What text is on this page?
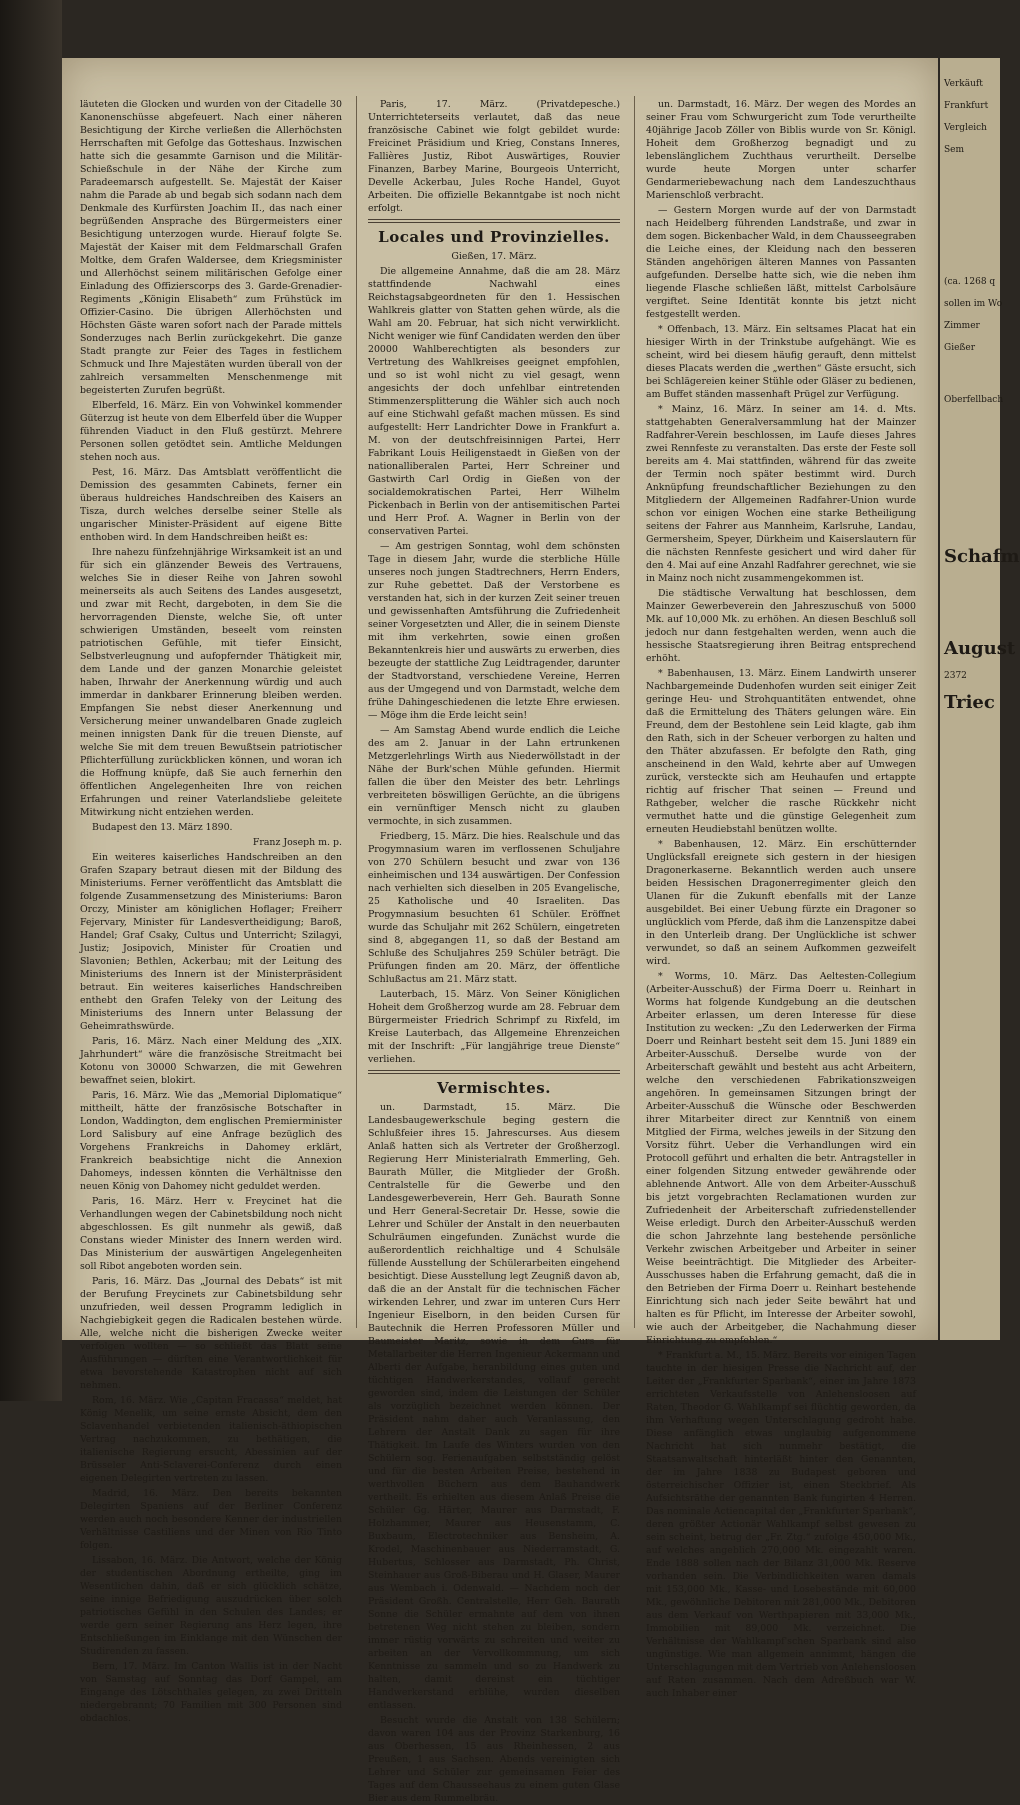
läuteten die Glocken und wurden von der Citadelle 30 Kanonenschüsse abgefeuert. Nach einer näheren Besichtigung der Kirche verließen die Allerhöchsten Herrschaften mit Gefolge das Gotteshaus. Inzwischen hatte sich die gesammte Garnison und die Militär-Schießschule in der Nähe der Kirche zum Paradeemarsch aufgestellt. Se. Majestät der Kaiser nahm die Parade ab und begab sich sodann nach dem Denkmale des Kurfürsten Joachim II., das nach einer begrüßenden Ansprache des Bürgermeisters einer Besichtigung unterzogen wurde. Hierauf folgte Se. Majestät der Kaiser mit dem Feldmarschall Grafen Moltke, dem Grafen Waldersee, dem Kriegsminister und Allerhöchst seinem militärischen Gefolge einer Einladung des Offizierscorps des 3. Garde-Grenadier-Regiments „Königin Elisabeth“ zum Frühstück im Offizier-Casino. Die übrigen Allerhöchsten und Höchsten Gäste waren sofort nach der Parade mittels Sonderzuges nach Berlin zurückgekehrt. Die ganze Stadt prangte zur Feier des Tages in festlichem Schmuck und Ihre Majestäten wurden überall von der zahlreich versammelten Menschenmenge mit begeisterten Zurufen begrüßt.

Elberfeld, 16. März. Ein von Vohwinkel kommender Güterzug ist heute von dem Elberfeld über die Wupper führenden Viaduct in den Fluß gestürzt. Mehrere Personen sollen getödtet sein. Amtliche Meldungen stehen noch aus.

Pest, 16. März. Das Amtsblatt veröffentlicht die Demission des gesammten Cabinets, ferner ein überaus huldreiches Handschreiben des Kaisers an Tisza, durch welches derselbe seiner Stelle als ungarischer Minister-Präsident auf eigene Bitte enthoben wird. In dem Handschreiben heißt es:

Ihre nahezu fünfzehnjährige Wirksamkeit ist an und für sich ein glänzender Beweis des Vertrauens, welches Sie in dieser Reihe von Jahren sowohl meinerseits als auch Seitens des Landes ausgesetzt, und zwar mit Recht, dargeboten, in dem Sie die hervorragenden Dienste, welche Sie, oft unter schwierigen Umständen, beseelt vom reinsten patriotischen Gefühle, mit tiefer Einsicht, Selbstverleugnung und aufopfernder Thätigkeit mir, dem Lande und der ganzen Monarchie geleistet haben, Ihrwahr der Anerkennung würdig und auch immerdar in dankbarer Erinnerung bleiben werden. Empfangen Sie nebst dieser Anerkennung und Versicherung meiner unwandelbaren Gnade zugleich meinen innigsten Dank für die treuen Dienste, auf welche Sie mit dem treuen Bewußtsein patriotischer Pflichterfüllung zurückblicken können, und woran ich die Hoffnung knüpfe, daß Sie auch fernerhin den öffentlichen Angelegenheiten Ihre von reichen Erfahrungen und reiner Vaterlandsliebe geleitete Mitwirkung nicht entziehen werden.

Budapest den 13. März 1890.

Franz Joseph m. p.

Ein weiteres kaiserliches Handschreiben an den Grafen Szapary betraut diesen mit der Bildung des Ministeriums. Ferner veröffentlicht das Amtsblatt die folgende Zusammensetzung des Ministeriums: Baron Orczy, Minister am königlichen Hoflager; Freiherr Fejervary, Minister für Landesvertheidigung; Baroß, Handel; Graf Csaky, Cultus und Unterricht; Szilagyi, Justiz; Josipovich, Minister für Croatien und Slavonien; Bethlen, Ackerbau; mit der Leitung des Ministeriums des Innern ist der Ministerpräsident betraut. Ein weiteres kaiserliches Handschreiben enthebt den Grafen Teleky von der Leitung des Ministeriums des Innern unter Belassung der Geheimrathswürde.

Paris, 16. März. Nach einer Meldung des „XIX. Jahrhundert“ wäre die französische Streitmacht bei Kotonu von 30000 Schwarzen, die mit Gewehren bewaffnet seien, blokirt.

Paris, 16. März. Wie das „Memorial Diplomatique“ mittheilt, hätte der französische Botschafter in London, Waddington, dem englischen Premierminister Lord Salisbury auf eine Anfrage bezüglich des Vorgehens Frankreichs in Dahomey erklärt, Frankreich beabsichtige nicht die Annexion Dahomeys, indessen könnten die Verhältnisse den neuen König von Dahomey nicht geduldet werden.

Paris, 16. März. Herr v. Freycinet hat die Verhandlungen wegen der Cabinetsbildung noch nicht abgeschlossen. Es gilt nunmehr als gewiß, daß Constans wieder Minister des Innern werden wird. Das Ministerium der auswärtigen Angelegenheiten soll Ribot angeboten worden sein.

Paris, 16. März. Das „Journal des Debats“ ist mit der Berufung Freycinets zur Cabinetsbildung sehr unzufrieden, weil dessen Programm lediglich in Nachgiebigkeit gegen die Radicalen bestehen würde. Alle, welche nicht die bisherigen Zwecke weiter verfolgen wollten — so schließt das Blatt seine Ausführungen — dürften eine Verantwortlichkeit für etwa bevorstehende Katastrophen nicht auf sich nehmen.

Rom, 16. März. Wie „Capitan Fracassa“ meldet, hat König Menelik, um seine ernste Absicht, dem den Sclavenhandel verbietenden italienisch-äthiopischen Vertrag nachzukommen, zu bethätigen, die italienische Regierung ersucht, Abessinien auf der Brüsseler Anti-Sclaverei-Conferenz durch einen eigenen Delegirten vertreten zu lassen.

Madrid, 16. März. Den bereits bekannten Delegirten Spaniens auf der Berliner Conferenz werden auch noch besondere Kenner der industriellen Verhältnisse Castiliens und der Minen von Rio Tinto folgen.

Lissabon, 16. März. Die Antwort, welche der König der studentischen Abordnung ertheilte, ging im Wesentlichen dahin, daß er sich glücklich schätze, seine innige Befriedigung auszudrücken über solch patriotisches Gefühl in den Schulen des Landes; er werde gern seiner Regierung ans Herz legen, ihre Entschließungen im Einklange mit den Wünschen der Studirenden zu fassen.

Bern, 17. März. Im Canton Wallis ist in der Nacht von Samstag auf Sonntag das Dorf Gampel, am Eingange des Lötschthales gelegen, zu zwei Dritteln niedergebrannt; 70 Familien mit 300 Personen sind obdachlos.

Paris, 17. März. (Privatdepesche.) Unterrichteterseits verlautet, daß das neue französische Cabinet wie folgt gebildet wurde: Freicinet Präsidium und Krieg, Constans Inneres, Fallières Justiz, Ribot Auswärtiges, Rouvier Finanzen, Barbey Marine, Bourgeois Unterricht, Develle Ackerbau, Jules Roche Handel, Guyot Arbeiten. Die offizielle Bekanntgabe ist noch nicht erfolgt.

Locales und Provinzielles.

Gießen, 17. März.

Die allgemeine Annahme, daß die am 28. März stattfindende Nachwahl eines Reichstagsabgeordneten für den 1. Hessischen Wahlkreis glatter von Statten gehen würde, als die Wahl am 20. Februar, hat sich nicht verwirklicht. Nicht weniger wie fünf Candidaten werden den über 20000 Wahlberechtigten als besonders zur Vertretung des Wahlkreises geeignet empfohlen, und so ist wohl nicht zu viel gesagt, wenn angesichts der doch unfehlbar eintretenden Stimmenzersplitterung die Wähler sich auch noch auf eine Stichwahl gefaßt machen müssen. Es sind aufgestellt: Herr Landrichter Dowe in Frankfurt a. M. von der deutschfreisinnigen Partei, Herr Fabrikant Louis Heiligenstaedt in Gießen von der nationalliberalen Partei, Herr Schreiner und Gastwirth Carl Ordig in Gießen von der socialdemokratischen Partei, Herr Wilhelm Pickenbach in Berlin von der antisemitischen Partei und Herr Prof. A. Wagner in Berlin von der conservativen Partei.

— Am gestrigen Sonntag, wohl dem schönsten Tage in diesem Jahr, wurde die sterbliche Hülle unseres noch jungen Stadtrechners, Herrn Enders, zur Ruhe gebettet. Daß der Verstorbene es verstanden hat, sich in der kurzen Zeit seiner treuen und gewissenhaften Amtsführung die Zufriedenheit seiner Vorgesetzten und Aller, die in seinem Dienste mit ihm verkehrten, sowie einen großen Bekanntenkreis hier und auswärts zu erwerben, dies bezeugte der stattliche Zug Leidtragender, darunter der Stadtvorstand, verschiedene Vereine, Herren aus der Umgegend und von Darmstadt, welche dem frühe Dahingeschiedenen die letzte Ehre erwiesen. — Möge ihm die Erde leicht sein!

— Am Samstag Abend wurde endlich die Leiche des am 2. Januar in der Lahn ertrunkenen Metzgerlehrlings Wirth aus Niederwöllstadt in der Nähe der Burk'schen Mühle gefunden. Hiermit fallen die über den Meister des betr. Lehrlings verbreiteten böswilligen Gerüchte, an die übrigens ein vernünftiger Mensch nicht zu glauben vermochte, in sich zusammen.

Friedberg, 15. März. Die hies. Realschule und das Progymnasium waren im verflossenen Schuljahre von 270 Schülern besucht und zwar von 136 einheimischen und 134 auswärtigen. Der Confession nach verhielten sich dieselben in 205 Evangelische, 25 Katholische und 40 Israeliten. Das Progymnasium besuchten 61 Schüler. Eröffnet wurde das Schuljahr mit 262 Schülern, eingetreten sind 8, abgegangen 11, so daß der Bestand am Schluße des Schuljahres 259 Schüler beträgt. Die Prüfungen finden am 20. März, der öffentliche Schlußactus am 21. März statt.

Lauterbach, 15. März. Von Seiner Königlichen Hoheit dem Großherzog wurde am 28. Februar dem Bürgermeister Friedrich Schrimpf zu Rixfeld, im Kreise Lauterbach, das Allgemeine Ehrenzeichen mit der Inschrift: „Für langjährige treue Dienste“ verliehen.

Vermischtes.

un. Darmstadt, 15. März. Die Landesbaugewerkschule beging gestern die Schlußfeier ihres 15. Jahrescurses. Aus diesem Anlaß hatten sich als Vertreter der Großherzogl. Regierung Herr Ministerialrath Emmerling, Geh. Baurath Müller, die Mitglieder der Großh. Centralstelle für die Gewerbe und den Landesgewerbeverein, Herr Geh. Baurath Sonne und Herr General-Secretair Dr. Hesse, sowie die Lehrer und Schüler der Anstalt in den neuerbauten Schulräumen eingefunden. Zunächst wurde die außerordentlich reichhaltige und 4 Schulsäle füllende Ausstellung der Schülerarbeiten eingehend besichtigt. Diese Ausstellung legt Zeugniß davon ab, daß die an der Anstalt für die technischen Fächer wirkenden Lehrer, und zwar im unteren Curs Herr Ingenieur Eiselborn, in den beiden Cursen für Bautechnik die Herren Professoren Müller und Baumeister Maritz, sowie in dem Curs für Metallarbeiter die Herren Ingenieur Ackermann und Alberti der Aufgabe, heranbildung eines guten und tüchtigen Handwerkerstandes, vollauf gerecht geworden sind, indem die Leistungen der Schüler als vorzüglich bezeichnet werden können. Der Präsident nahm daher auch Veranlassung, den Lehrern der Anstalt Dank zu sagen für ihre Thätigkeit. Im Laufe des Winters wurden von den Schülern sog. Ferienaufgaben selbstständig gelöst und für die besten Arbeiten Preise, bestehend in werthvollen Büchern aus dem Bauhandwerk vertheilt. Es erhielten aus diesem Anlaß Preise die Schüler Gg. Härter, Maurer aus Darmstadt, F. Holzhammer, Maurer aus Heusenstamm, C. Buxbaum, Electrotechniker aus Bensheim, A. Krodel, Maschinenbauer aus Niederramstadt, G. Hubertus, Schlosser aus Darmstadt, Ph. Christ, Steinhauer aus Groß-Biberau und H. Glaser, Maurer aus Wembach i. Odenwald. — Nachdem noch der Präsident Großh. Centralstelle, Herr Geh. Baurath Sonne die Schüler ermahnte auf dem von ihnen betretenen Weg nicht stehen zu bleiben, sondern immer rüstig vorwärts zu schreiten und weiter zu arbeiten an der Vervollkommnung, um sich Kenntnisse zu sammeln und so zu Handwerk zu halten, damit dereinst ein tüchtiger Handwerkerstand erblühe, wurden dieselben entlassen.

Besucht wurde die Anstalt von 138 Schülern; davon waren 104 aus der Provinz Starkenburg, 16 aus Oberhessen, 15 aus Rheinhessen, 2 aus Preußen, 1 aus Sachsen. Abends vereinigten sich Lehrer und Schüler zur gemeinsamen Feier des Tages auf dem Chausseehaus zu einem guten Glase Bier aus dem Rummelbräu.

un. Darmstadt, 16. März. Der wegen des Mordes an seiner Frau vom Schwurgericht zum Tode verurtheilte 40jährige Jacob Zöller von Biblis wurde von Sr. Königl. Hoheit dem Großherzog begnadigt und zu lebenslänglichem Zuchthaus verurtheilt. Derselbe wurde heute Morgen unter scharfer Gendarmeriebewachung nach dem Landeszuchthaus Marienschloß verbracht.

— Gestern Morgen wurde auf der von Darmstadt nach Heidelberg führenden Landstraße, und zwar in dem sogen. Bickenbacher Wald, in dem Chausseegraben die Leiche eines, der Kleidung nach den besseren Ständen angehörigen älteren Mannes von Passanten aufgefunden. Derselbe hatte sich, wie die neben ihm liegende Flasche schließen läßt, mittelst Carbolsäure vergiftet. Seine Identität konnte bis jetzt nicht festgestellt werden.

* Offenbach, 13. März. Ein seltsames Placat hat ein hiesiger Wirth in der Trinkstube aufgehängt. Wie es scheint, wird bei diesem häufig gerauft, denn mittelst dieses Placats werden die „werthen“ Gäste ersucht, sich bei Schlägereien keiner Stühle oder Gläser zu bedienen, am Buffet ständen massenhaft Prügel zur Verfügung.

* Mainz, 16. März. In seiner am 14. d. Mts. stattgehabten Generalversammlung hat der Mainzer Radfahrer-Verein beschlossen, im Laufe dieses Jahres zwei Rennfeste zu veranstalten. Das erste der Feste soll bereits am 4. Mai stattfinden, während für das zweite der Termin noch später bestimmt wird. Durch Anknüpfung freundschaftlicher Beziehungen zu den Mitgliedern der Allgemeinen Radfahrer-Union wurde schon vor einigen Wochen eine starke Betheiligung seitens der Fahrer aus Mannheim, Karlsruhe, Landau, Germersheim, Speyer, Dürkheim und Kaiserslautern für die nächsten Rennfeste gesichert und wird daher für den 4. Mai auf eine Anzahl Radfahrer gerechnet, wie sie in Mainz noch nicht zusammengekommen ist.

Die städtische Verwaltung hat beschlossen, dem Mainzer Gewerbeverein den Jahreszuschuß von 5000 Mk. auf 10,000 Mk. zu erhöhen. An diesen Beschluß soll jedoch nur dann festgehalten werden, wenn auch die hessische Staatsregierung ihren Beitrag entsprechend erhöht.

* Babenhausen, 13. März. Einem Landwirth unserer Nachbargemeinde Dudenhofen wurden seit einiger Zeit geringe Heu- und Strohquantitäten entwendet, ohne daß die Ermittelung des Thäters gelungen wäre. Ein Freund, dem der Bestohlene sein Leid klagte, gab ihm den Rath, sich in der Scheuer verborgen zu halten und den Thäter abzufassen. Er befolgte den Rath, ging anscheinend in den Wald, kehrte aber auf Umwegen zurück, versteckte sich am Heuhaufen und ertappte richtig auf frischer That seinen — Freund und Rathgeber, welcher die rasche Rückkehr nicht vermuthet hatte und die günstige Gelegenheit zum erneuten Heudiebstahl benützen wollte.

* Babenhausen, 12. März. Ein erschütternder Unglücksfall ereignete sich gestern in der hiesigen Dragonerkaserne. Bekanntlich werden auch unsere beiden Hessischen Dragonerregimenter gleich den Ulanen für die Zukunft ebenfalls mit der Lanze ausgebildet. Bei einer Uebung fürzte ein Dragoner so unglücklich vom Pferde, daß ihm die Lanzenspitze dabei in den Unterleib drang. Der Unglückliche ist schwer verwundet, so daß an seinem Aufkommen gezweifelt wird.

* Worms, 10. März. Das Aeltesten-Collegium (Arbeiter-Ausschuß) der Firma Doerr u. Reinhart in Worms hat folgende Kundgebung an die deutschen Arbeiter erlassen, um deren Interesse für diese Institution zu wecken: „Zu den Lederwerken der Firma Doerr und Reinhart besteht seit dem 15. Juni 1889 ein Arbeiter-Ausschuß. Derselbe wurde von der Arbeiterschaft gewählt und besteht aus acht Arbeitern, welche den verschiedenen Fabrikationszweigen angehören. In gemeinsamen Sitzungen bringt der Arbeiter-Ausschuß die Wünsche oder Beschwerden ihrer Mitarbeiter direct zur Kenntniß von einem Mitglied der Firma, welches jeweils in der Sitzung den Vorsitz führt. Ueber die Verhandlungen wird ein Protocoll geführt und erhalten die betr. Antragsteller in einer folgenden Sitzung entweder gewährende oder ablehnende Antwort. Alle von dem Arbeiter-Ausschuß bis jetzt vorgebrachten Reclamationen wurden zur Zufriedenheit der Arbeiterschaft zufriedenstellender Weise erledigt. Durch den Arbeiter-Ausschuß werden die schon Jahrzehnte lang bestehende persönliche Verkehr zwischen Arbeitgeber und Arbeiter in seiner Weise beeinträchtigt. Die Mitglieder des Arbeiter-Ausschusses haben die Erfahrung gemacht, daß die in den Betrieben der Firma Doerr u. Reinhart bestehende Einrichtung sich nach jeder Seite bewährt hat und halten es für Pflicht, im Interesse der Arbeiter sowohl, wie auch der Arbeitgeber, die Nachahmung dieser Einrichtung zu empfehlen.“

* Frankfurt a. M., 15. März. Bereits vor einigen Tagen tauchte in der hiesigen Presse die Nachricht auf, der Leiter der „Frankfurter Sparbank“, einer im Jahre 1873 errichteten Verkaufsstelle von Anlehensloosen auf Raten, Theodor G. Wahlkampf sei flüchtig geworden, da ihm Verhaftung wegen Unterschlagung gedroht habe. Diese anfänglich etwas unglaubig aufgenommene Nachricht hat sich nunmehr bestätigt, die Staatsanwaltschaft hinterläßt hinter den Genannten, der im Jahre 1838 zu Budapest geboren und österreichischer Offizier ist, einen Steckbrief. Als Aufsichtsräthe der genannten Bank fungirten 4 Herren. Das nominale Actiencapital der „Frankfurter Sparbank“, deren größter Actionär Wahlkampf selbst gewesen zu sein scheint, betrug der „Fr. Ztg.“ zufolge 450,000 Mk., auf welches angeblich 270,000 Mk. eingezahlt waren. Ende 1888 sollen nach der Bilanz 31,000 Mk. Reserve vorhanden sein. Die Verbindlichkeiten waren damals mit 153,000 Mk., Kasse- und Losebestände mit 60,000 Mk., gewöhnliche Debitoren mit 281,000 Mk., Debitoren aus dem Verkauf von Werthpapieren mit 33,000 Mk., Immobilien mit 89,000 Mk. verzeichnet. Die Verhältnisse der Wahlkampf'schen Sparbank sind also ungünstige. Wie man allgemein annimmt, hängen die Unterschlagungen mit dem Vertrieb von Anlehensloosen auf Raten zusammen. Nach dem Adreßbuch war W. auch Inhaber einer

Verkäuft
Frankfurt
Vergleich
Sem
(ca. 1268 q
sollen im Wo
Zimmer
Gießer
Oberfellbach
Schafm
August
2372
Triec
